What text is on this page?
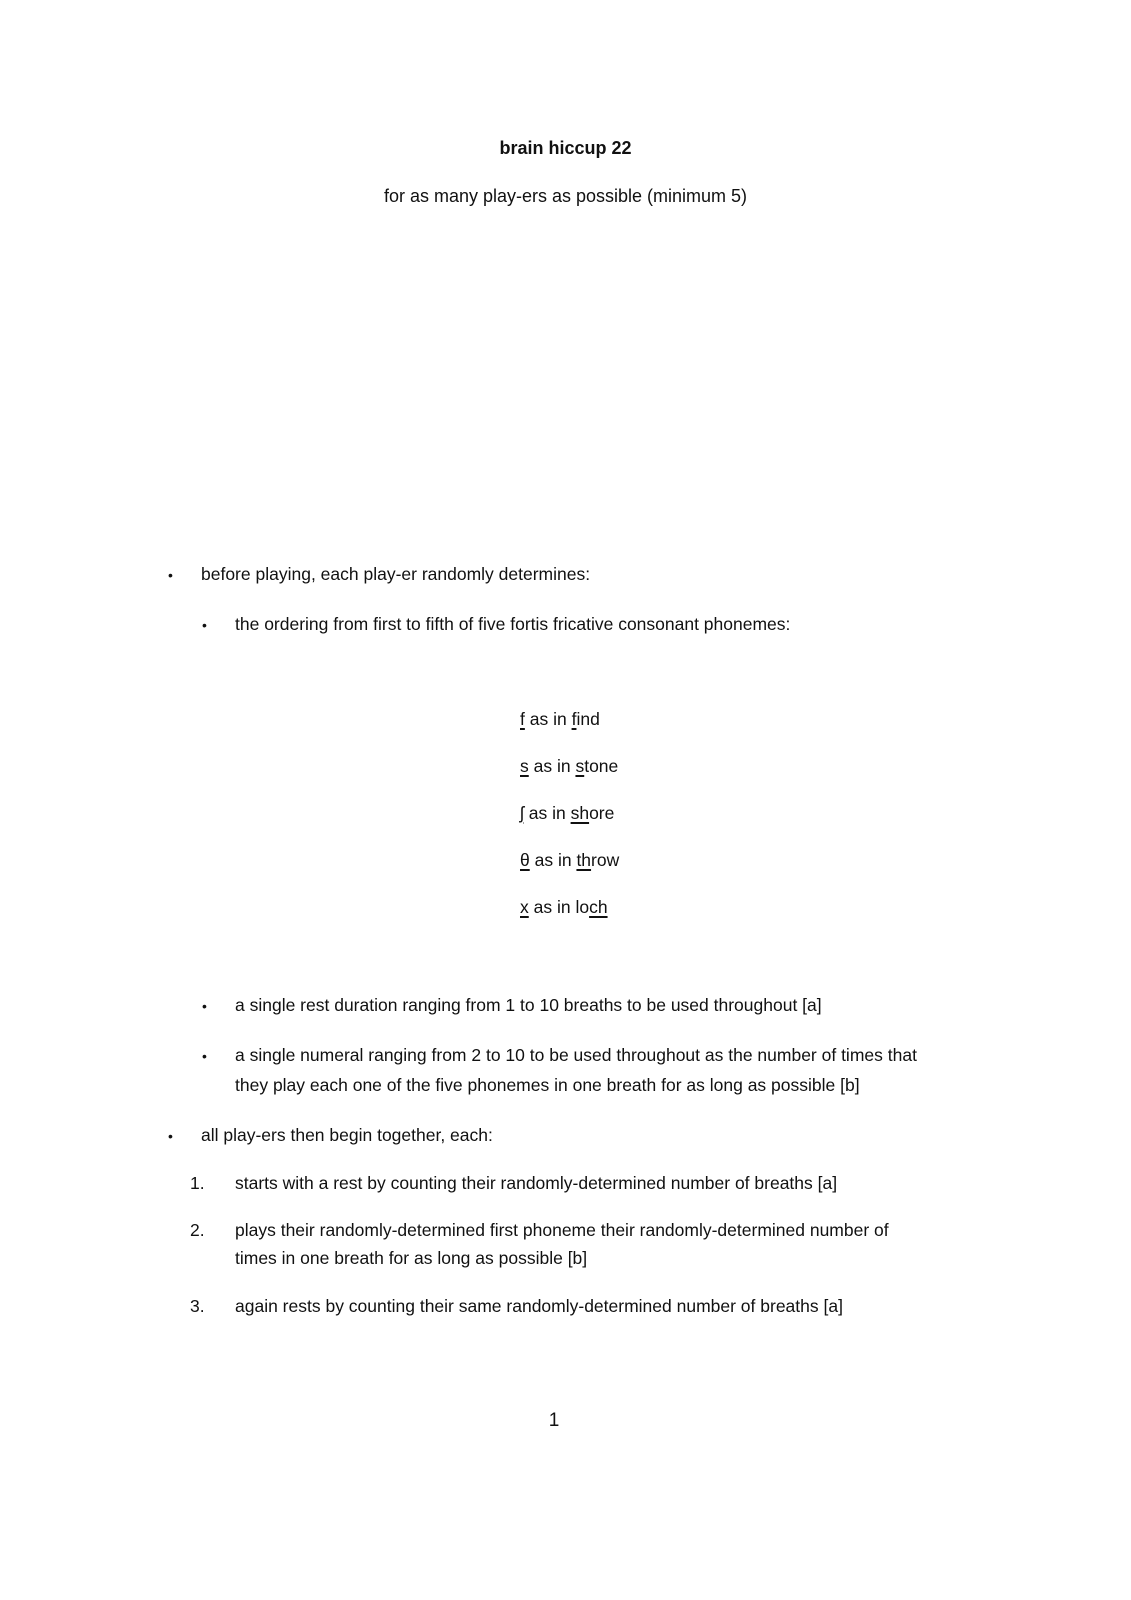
brain hiccup 22
for as many play-ers as possible (minimum 5)
• before playing, each play-er randomly determines:
• the ordering from first to fifth of five fortis fricative consonant phonemes:
f as in find
s as in stone
ʃ as in shore
θ as in throw
x as in loch
• a single rest duration ranging from 1 to 10 breaths to be used throughout [a]
• a single numeral ranging from 2 to 10 to be used throughout as the number of times that
they play each one of the five phonemes in one breath for as long as possible [b]
• all play-ers then begin together, each:
1. starts with a rest by counting their randomly-determined number of breaths [a]
2. plays their randomly-determined first phoneme their randomly-determined number of
times in one breath for as long as possible [b]
3. again rests by counting their same randomly-determined number of breaths [a]
1
